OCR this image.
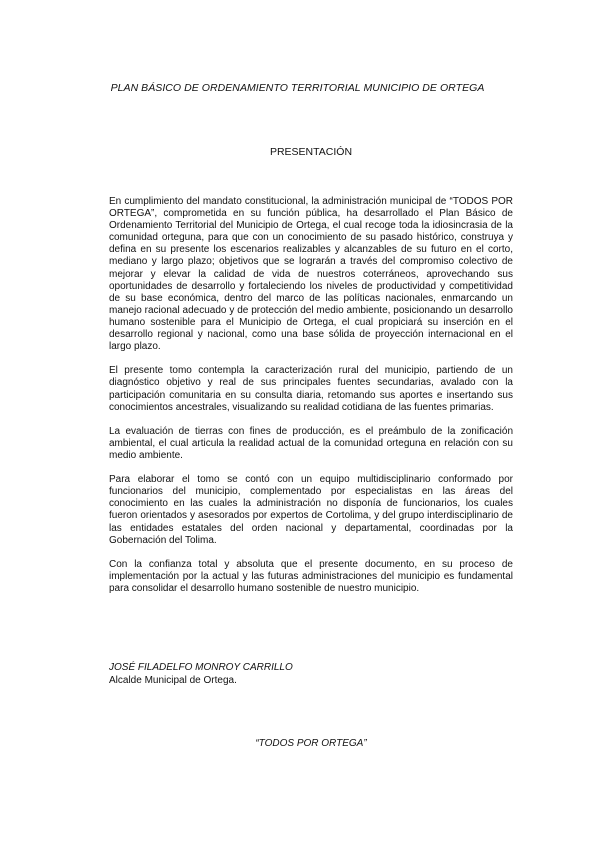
PLAN BÁSICO DE ORDENAMIENTO TERRITORIAL MUNICIPIO DE ORTEGA
PRESENTACIÓN

En cumplimiento del mandato constitucional, la administración municipal de “TODOS POR ORTEGA”, comprometida en su función pública, ha desarrollado el Plan Básico de Ordenamiento Territorial del Municipio de Ortega, el cual recoge toda la idiosincrasia de la comunidad orteguna, para que con un conocimiento de su pasado histórico, construya y defina en su presente los escenarios realizables y alcanzables de su futuro en el corto, mediano y largo plazo; objetivos que se lograrán a través del compromiso colectivo de mejorar y elevar la calidad de vida de nuestros coterráneos, aprovechando sus oportunidades de desarrollo y fortaleciendo los niveles de productividad y competitividad de su base económica, dentro del marco de las políticas nacionales, enmarcando un manejo racional adecuado y de protección del medio ambiente, posicionando un desarrollo humano sostenible para el Municipio de Ortega, el cual propiciará su inserción en el desarrollo regional y nacional, como una base sólida de proyección internacional en el largo plazo.

El presente tomo contempla la caracterización rural del municipio, partiendo de un diagnóstico objetivo y real de sus principales fuentes secundarias, avalado con la participación comunitaria en su consulta diaria, retomando sus aportes e insertando sus conocimientos ancestrales, visualizando su realidad cotidiana de las fuentes primarias.

La evaluación de tierras con fines de producción, es el preámbulo de la zonificación ambiental, el cual articula la realidad actual de la comunidad orteguna en relación con su medio ambiente.

Para elaborar el tomo se contó con un equipo multidisciplinario conformado por funcionarios del municipio, complementado por especialistas en las áreas del conocimiento en las cuales la administración no disponía de funcionarios, los cuales fueron orientados y asesorados por expertos de Cortolima, y del grupo interdisciplinario de las entidades estatales del orden nacional y departamental, coordinadas por la Gobernación del Tolima.

Con la confianza total y absoluta que el presente documento, en su proceso de implementación por la actual y las futuras administraciones del municipio es fundamental para consolidar el desarrollo humano sostenible de nuestro municipio.

JOSÉ FILADELFO MONROY CARRILLO
Alcalde Municipal de Ortega.
“TODOS POR ORTEGA”
